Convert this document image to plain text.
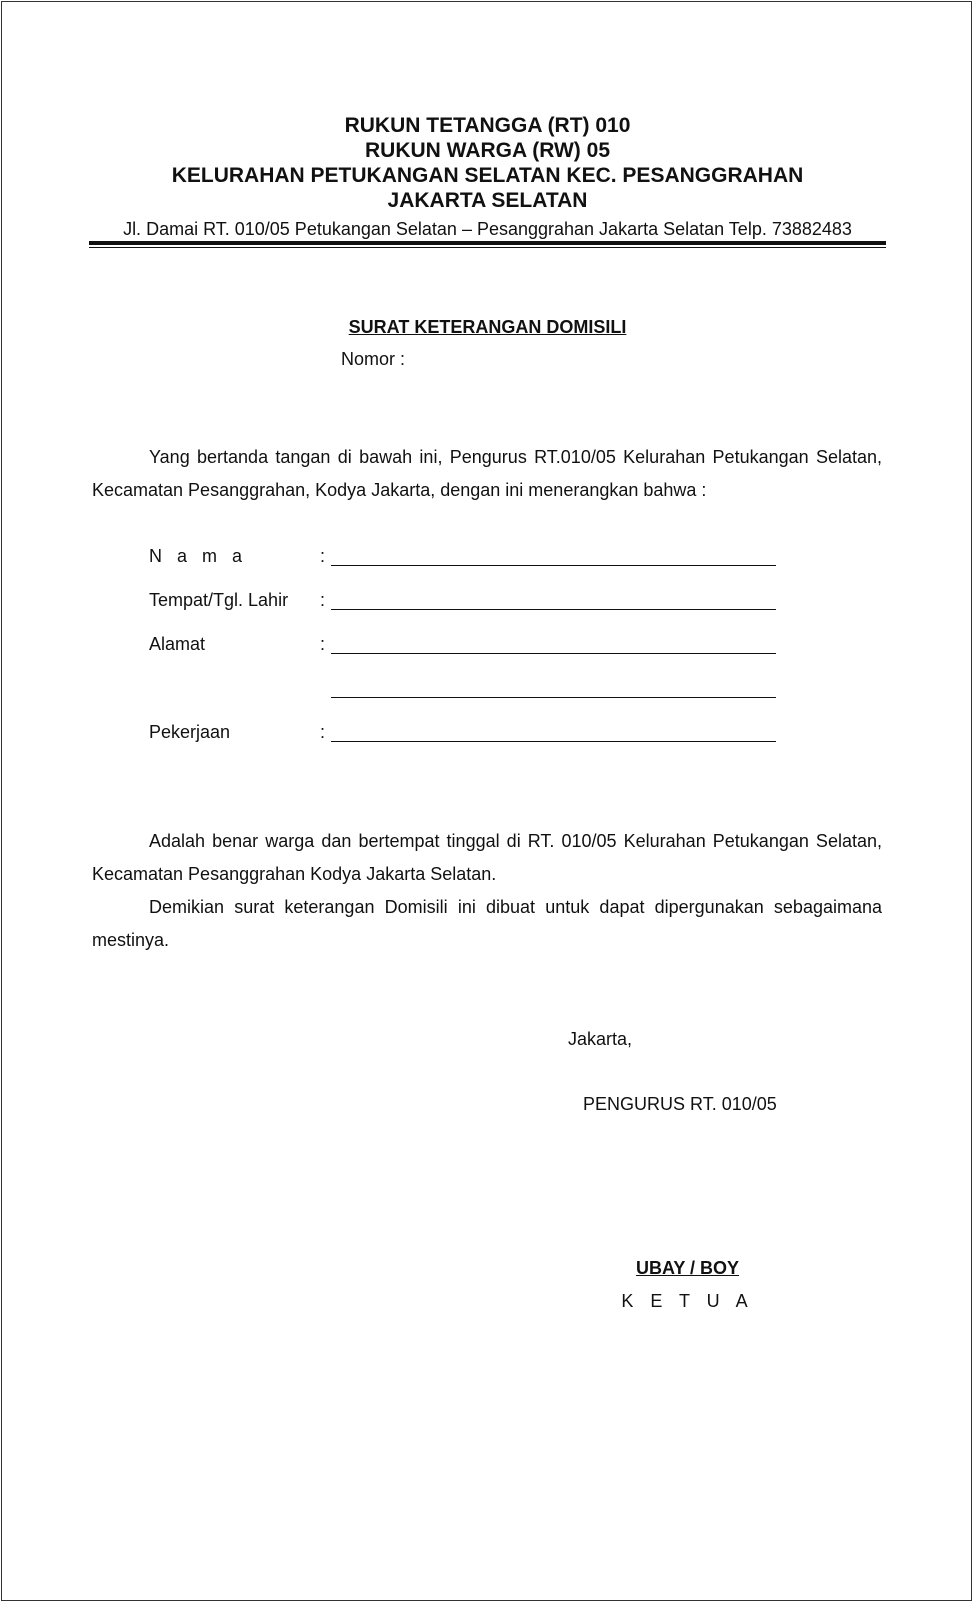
RUKUN TETANGGA (RT) 010
RUKUN WARGA (RW) 05
KELURAHAN PETUKANGAN SELATAN KEC. PESANGGRAHAN
JAKARTA SELATAN
Jl. Damai RT. 010/05 Petukangan Selatan – Pesanggrahan Jakarta Selatan Telp. 73882483
SURAT KETERANGAN DOMISILI
Nomor :
Yang bertanda tangan di bawah ini, Pengurus RT.010/05 Kelurahan Petukangan Selatan, Kecamatan Pesanggrahan, Kodya Jakarta, dengan ini menerangkan bahwa :
N a m a	:
Tempat/Tgl. Lahir :
Alamat	:
Pekerjaan	:
Adalah benar warga dan bertempat tinggal di RT. 010/05 Kelurahan Petukangan Selatan, Kecamatan Pesanggrahan Kodya Jakarta Selatan.
Demikian surat keterangan Domisili ini dibuat untuk dapat dipergunakan sebagaimana mestinya.
Jakarta,
PENGURUS RT. 010/05
UBAY / BOY
K E T U A
